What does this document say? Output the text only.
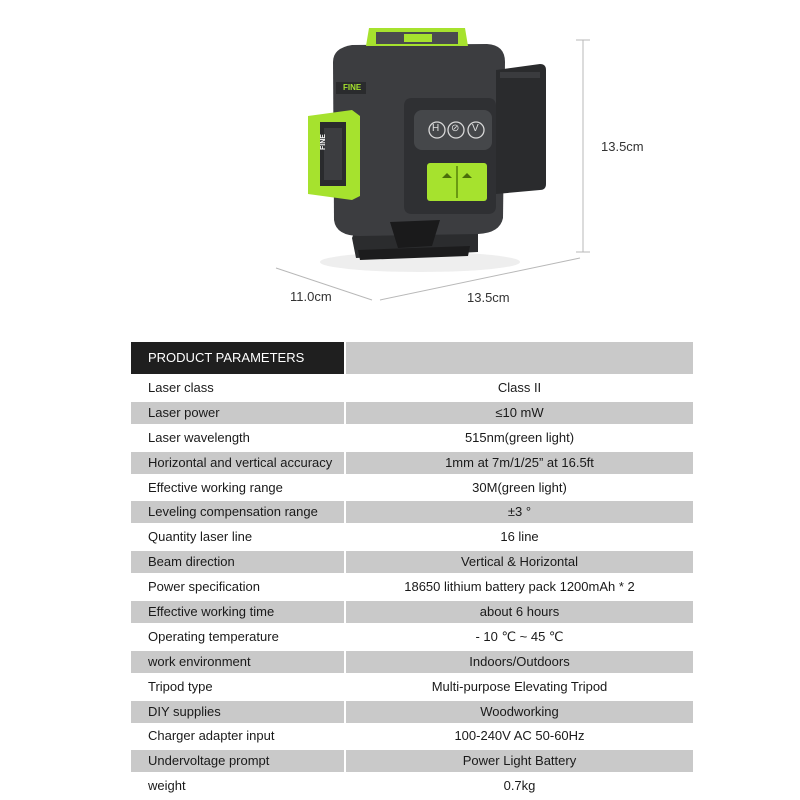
13.5cm
11.0cm	13.5cm
FINE
FINE
H ⊘ V
PRODUCT PARAMETERS
Laser class	Class II
Laser power	≤10 mW
Laser wavelength	515nm(green light)
Horizontal and vertical accuracy	1mm at 7m/1/25” at 16.5ft
Effective working range	30M(green light)
Leveling compensation range	±3 °
Quantity laser line	16 line
Beam direction	Vertical & Horizontal
Power specification	18650 lithium battery pack 1200mAh * 2
Effective working time	about 6 hours
Operating temperature	- 10 ℃ ~ 45 ℃
work environment	Indoors/Outdoors
Tripod type	Multi-purpose Elevating Tripod
DIY supplies	Woodworking
Charger adapter input	100-240V AC 50-60Hz
Undervoltage prompt	Power Light Battery
weight	0.7kg
